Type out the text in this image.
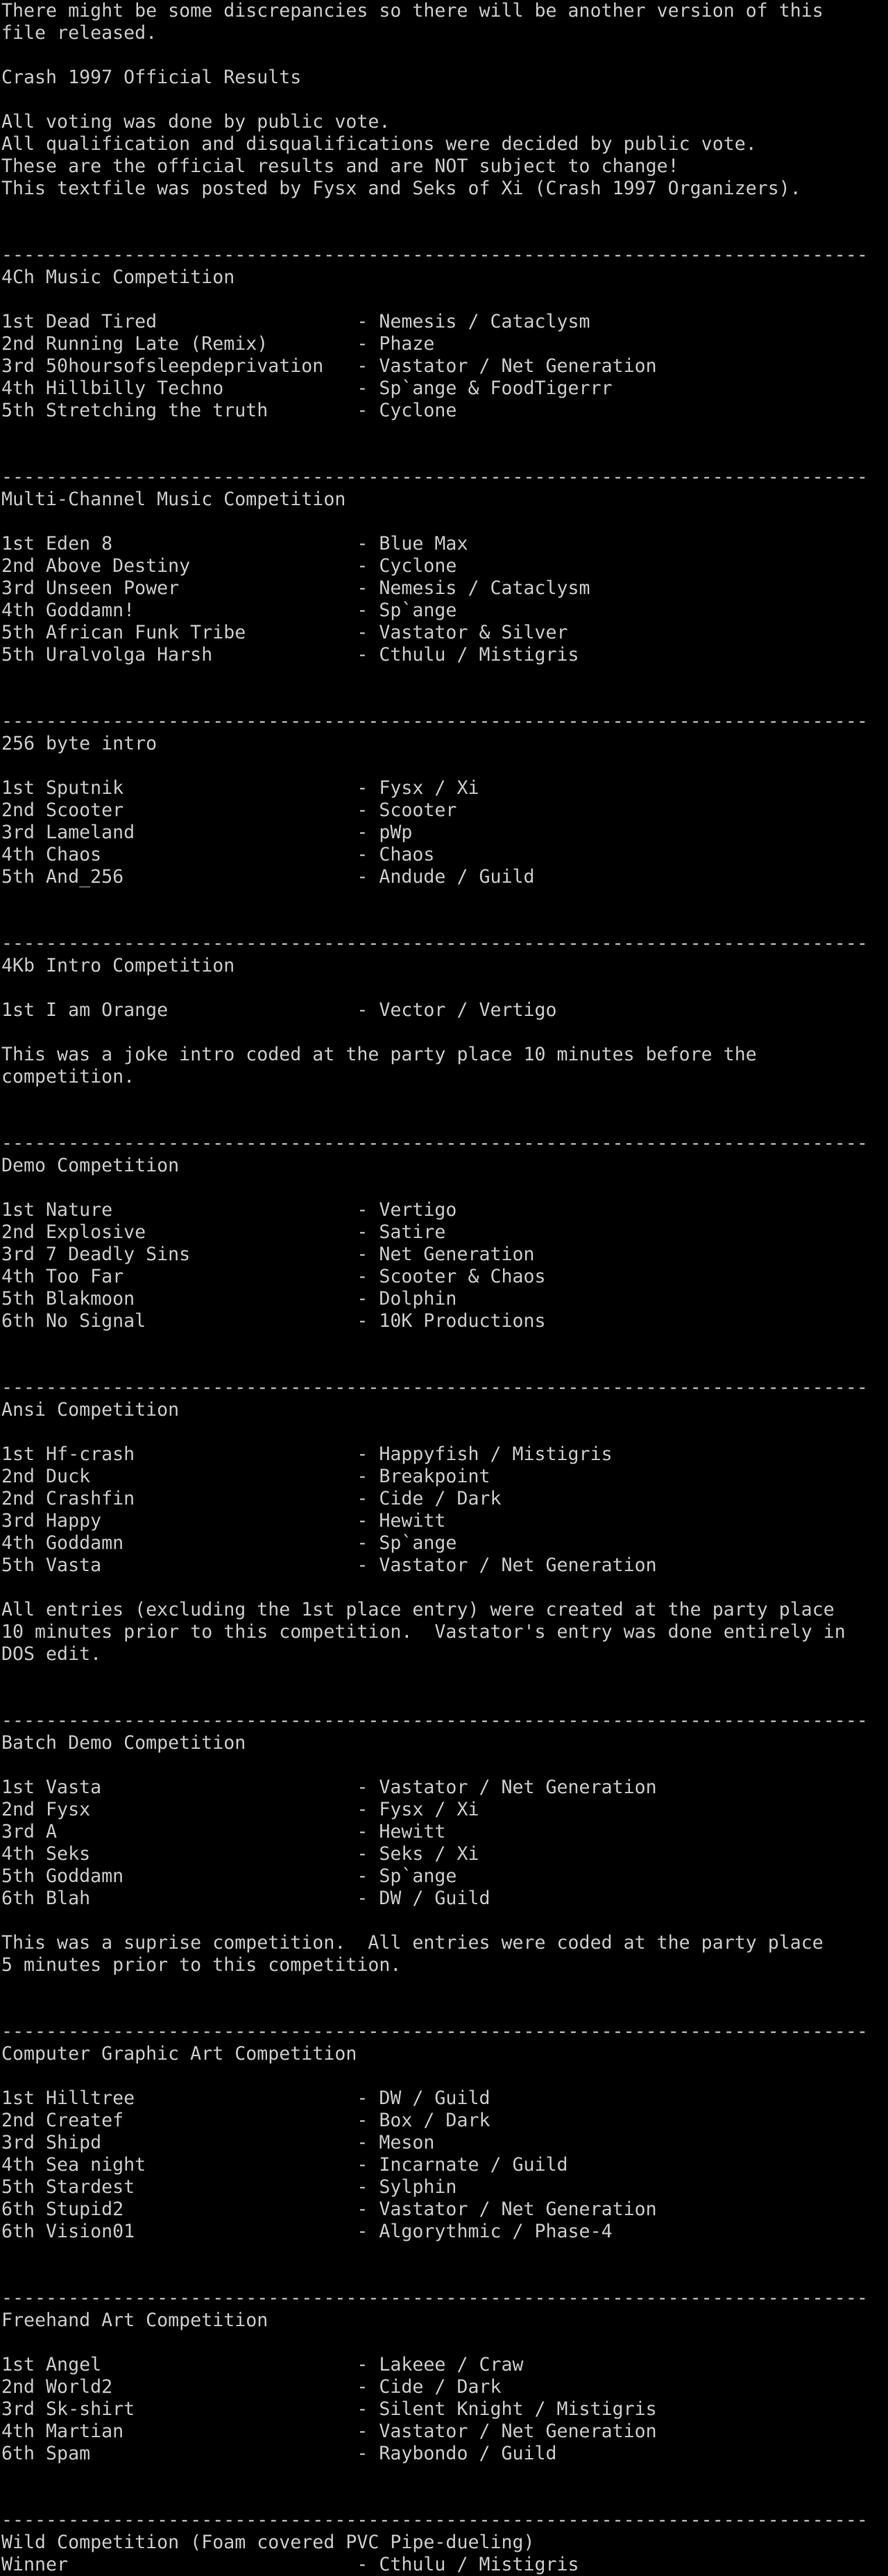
There might be some discrepancies so there will be another version of this
file released.
Crash 1997 Official Results
All voting was done by public vote.
All qualification and disqualifications were decided by public vote.
These are the official results and are NOT subject to change!
This textfile was posted by Fysx and Seks of Xi (Crash 1997 Organizers).
------------------------------------------------------------------------------
4Ch Music Competition
1st Dead Tired                  - Nemesis / Cataclysm
2nd Running Late (Remix)        - Phaze
3rd 50hoursofsleepdeprivation   - Vastator / Net Generation
4th Hillbilly Techno            - Sp`ange & FoodTigerrr
5th Stretching the truth        - Cyclone
------------------------------------------------------------------------------
Multi-Channel Music Competition
1st Eden 8                      - Blue Max
2nd Above Destiny               - Cyclone
3rd Unseen Power                - Nemesis / Cataclysm
4th Goddamn!                    - Sp`ange
5th African Funk Tribe          - Vastator & Silver
5th Uralvolga Harsh             - Cthulu / Mistigris
------------------------------------------------------------------------------
256 byte intro
1st Sputnik                     - Fysx / Xi
2nd Scooter                     - Scooter
3rd Lameland                    - pWp
4th Chaos                       - Chaos
5th And_256                     - Andude / Guild
------------------------------------------------------------------------------
4Kb Intro Competition
1st I am Orange                 - Vector / Vertigo
This was a joke intro coded at the party place 10 minutes before the
competition.
------------------------------------------------------------------------------
Demo Competition
1st Nature                      - Vertigo
2nd Explosive                   - Satire
3rd 7 Deadly Sins               - Net Generation
4th Too Far                     - Scooter & Chaos
5th Blakmoon                    - Dolphin
6th No Signal                   - 10K Productions
------------------------------------------------------------------------------
Ansi Competition
1st Hf-crash                    - Happyfish / Mistigris
2nd Duck                        - Breakpoint
2nd Crashfin                    - Cide / Dark
3rd Happy                       - Hewitt
4th Goddamn                     - Sp`ange
5th Vasta                       - Vastator / Net Generation
All entries (excluding the 1st place entry) were created at the party place
10 minutes prior to this competition.  Vastator's entry was done entirely in
DOS edit.
------------------------------------------------------------------------------
Batch Demo Competition
1st Vasta                       - Vastator / Net Generation
2nd Fysx                        - Fysx / Xi
3rd A                           - Hewitt
4th Seks                        - Seks / Xi
5th Goddamn                     - Sp`ange
6th Blah                        - DW / Guild
This was a suprise competition.  All entries were coded at the party place
5 minutes prior to this competition.
------------------------------------------------------------------------------
Computer Graphic Art Competition
1st Hilltree                    - DW / Guild
2nd Createf                     - Box / Dark
3rd Shipd                       - Meson
4th Sea night                   - Incarnate / Guild
5th Stardest                    - Sylphin
6th Stupid2                     - Vastator / Net Generation
6th Vision01                    - Algorythmic / Phase-4
------------------------------------------------------------------------------
Freehand Art Competition
1st Angel                       - Lakeee / Craw
2nd World2                      - Cide / Dark
3rd Sk-shirt                    - Silent Knight / Mistigris
4th Martian                     - Vastator / Net Generation
6th Spam                        - Raybondo / Guild
------------------------------------------------------------------------------
Wild Competition (Foam covered PVC Pipe-dueling)
Winner                          - Cthulu / Mistigris
